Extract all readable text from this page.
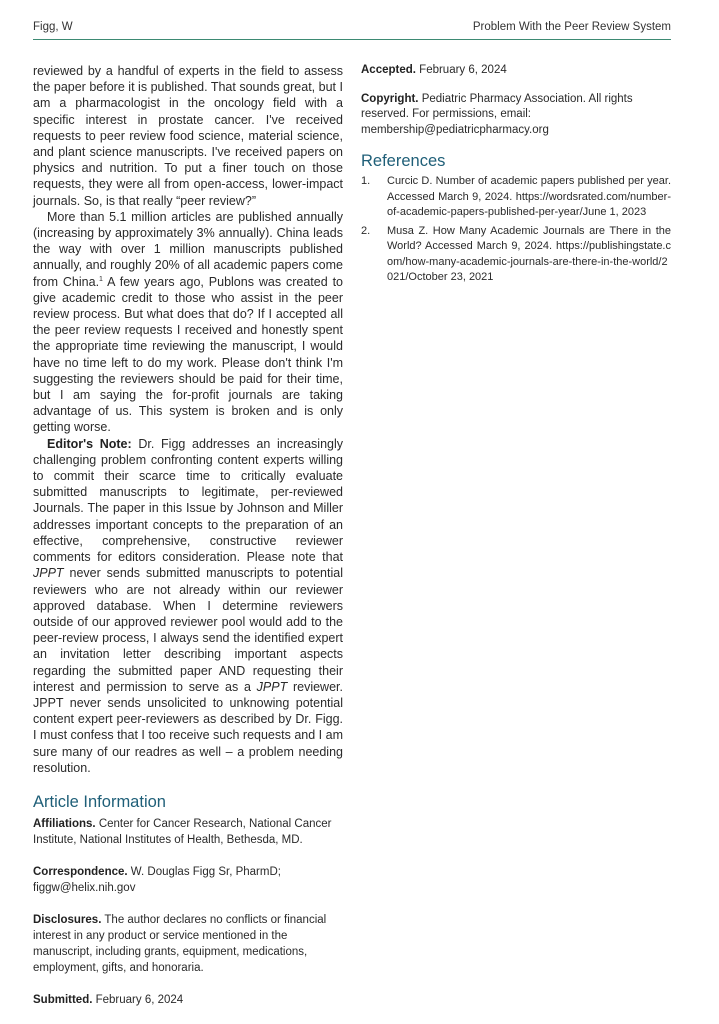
Figg, W	Problem With the Peer Review System

reviewed by a handful of experts in the field to assess the paper before it is published. That sounds great, but I am a pharmacologist in the oncology field with a specific interest in prostate cancer. I've received requests to peer review food science, material science, and plant science manuscripts. I've received papers on physics and nutrition. To put a finer touch on those requests, they were all from open-access, lower-impact journals. So, is that really “peer review?”

More than 5.1 million articles are published annually (increasing by approximately 3% annually). China leads the way with over 1 million manuscripts published annually, and roughly 20% of all academic papers come from China.$^1$ A few years ago, Publons was created to give academic credit to those who assist in the peer review process. But what does that do? If I accepted all the peer review requests I received and honestly spent the appropriate time reviewing the manuscript, I would have no time left to do my work. Please don't think I'm suggesting the reviewers should be paid for their time, but I am saying the for-profit journals are taking advantage of us. This system is broken and is only getting worse.

Editor's Note: Dr. Figg addresses an increasingly challenging problem confronting content experts willing to commit their scarce time to critically evaluate submitted manuscripts to legitimate, per-reviewed Journals. The paper in this Issue by Johnson and Miller addresses important concepts to the preparation of an effective, comprehensive, constructive reviewer comments for editors consideration. Please note that JPPT never sends submitted manuscripts to potential reviewers who are not already within our reviewer approved database. When I determine reviewers outside of our approved reviewer pool would add to the peer-review process, I always send the identified expert an invitation letter describing important aspects regarding the submitted paper AND requesting their interest and permission to serve as a JPPT reviewer. JPPT never sends unsolicited to unknowing potential content expert peer-reviewers as described by Dr. Figg. I must confess that I too receive such requests and I am sure many of our readres as well – a problem needing resolution.

Article Information
Affiliations. Center for Cancer Research, National Cancer Institute, National Institutes of Health, Bethesda, MD.
Correspondence. W. Douglas Figg Sr, PharmD;
figgw@helix.nih.gov
Disclosures. The author declares no conflicts or financial interest in any product or service mentioned in the manuscript, including grants, equipment, medications, employment, gifts, and honoraria.
Submitted. February 6, 2024
Accepted. February 6, 2024
Copyright. Pediatric Pharmacy Association. All rights reserved. For permissions, email: membership@pediatricpharmacy.org
References
1.	Curcic D. Number of academic papers published per year. Accessed March 9, 2024. https://wordsrated.com/number-of-academic-papers-published-per-year/June 1, 2023
2.	Musa Z. How Many Academic Journals are There in the World? Accessed March 9, 2024. https://publishingstate.com/how-many-academic-journals-are-there-in-the-world/2021/October 23, 2021
